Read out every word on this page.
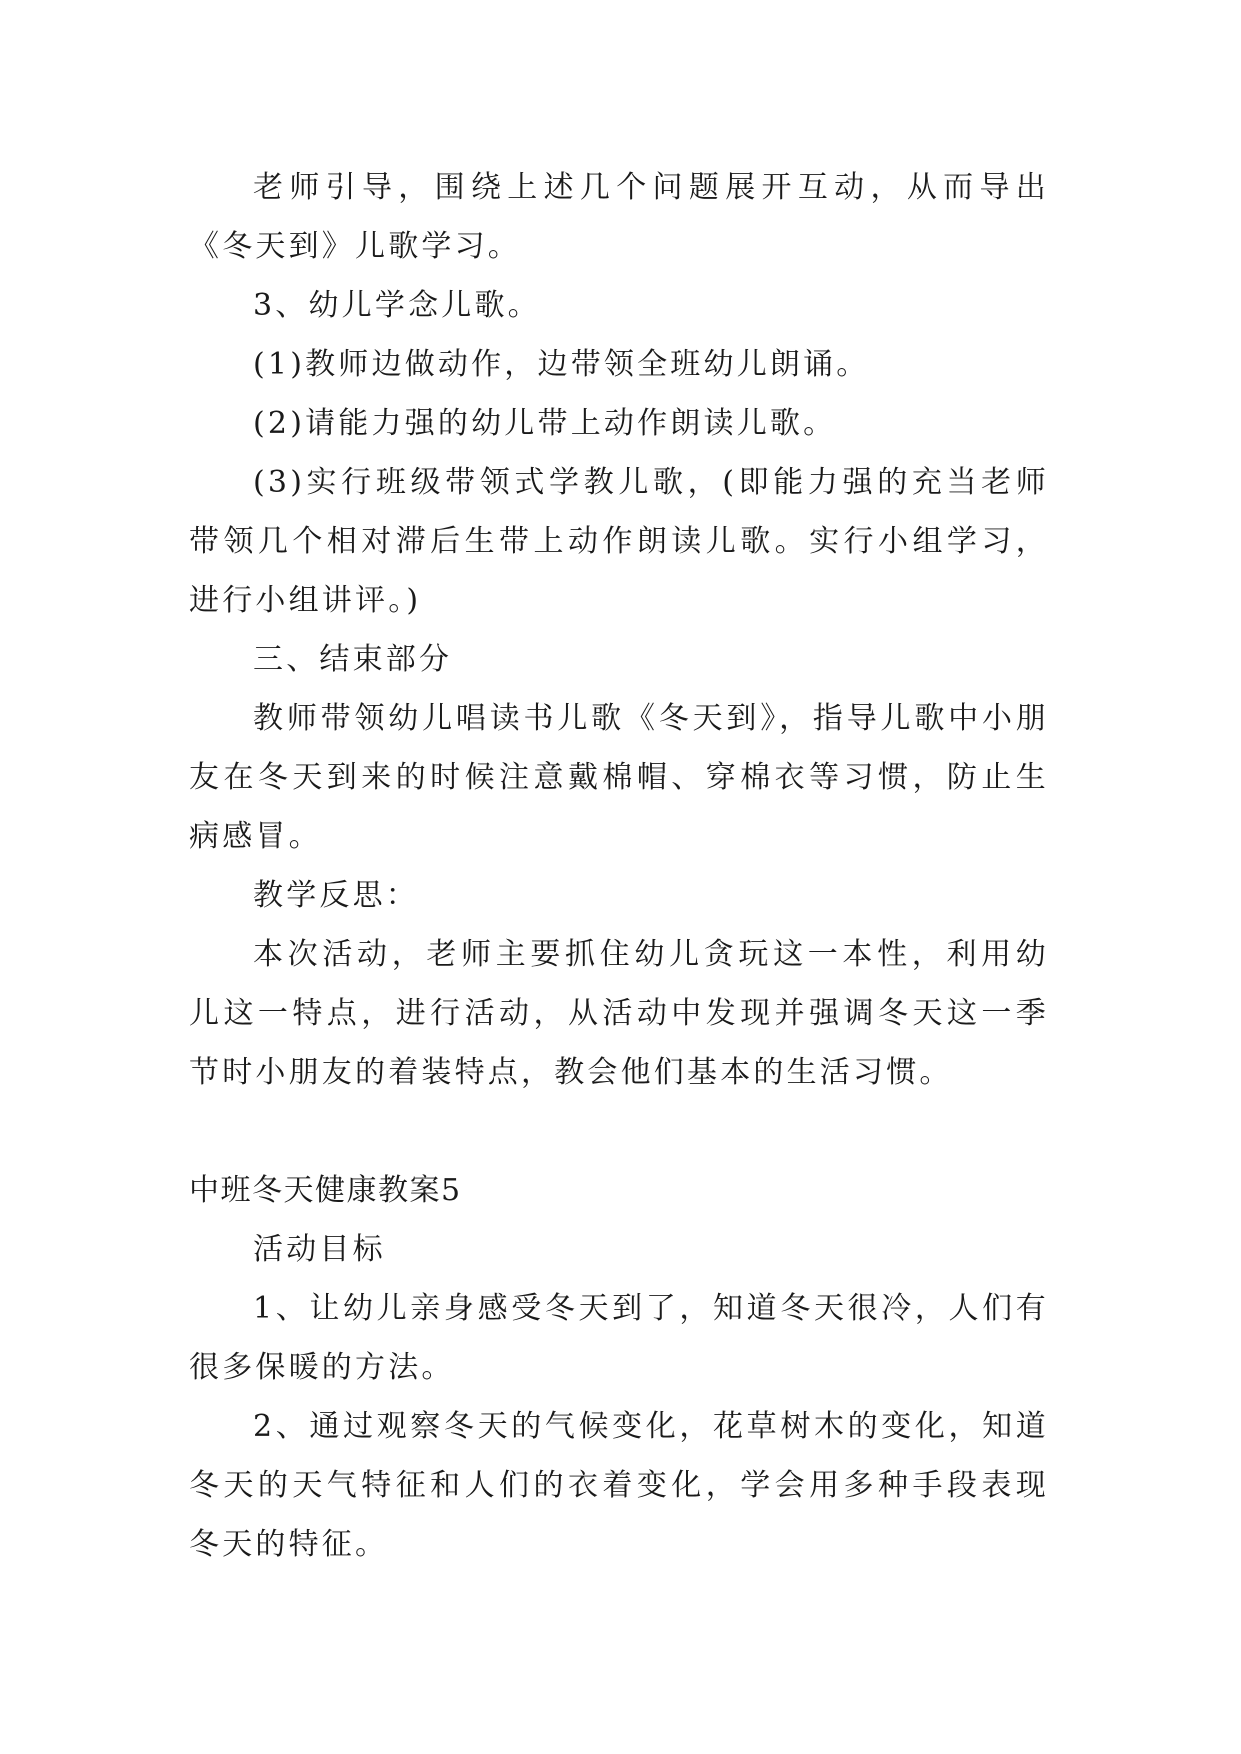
老师引导，围绕上述几个问题展开互动，从而导出《冬天到》儿歌学习。

3、幼儿学念儿歌。

(1)教师边做动作，边带领全班幼儿朗诵。

(2)请能力强的幼儿带上动作朗读儿歌。

(3)实行班级带领式学教儿歌，(即能力强的充当老师带领几个相对滞后生带上动作朗读儿歌。实行小组学习，进行小组讲评。)

三、结束部分

教师带领幼儿唱读书儿歌《冬天到》，指导儿歌中小朋友在冬天到来的时候注意戴棉帽、穿棉衣等习惯，防止生病感冒。

教学反思：

本次活动，老师主要抓住幼儿贪玩这一本性，利用幼儿这一特点，进行活动，从活动中发现并强调冬天这一季节时小朋友的着装特点，教会他们基本的生活习惯。

中班冬天健康教案5

活动目标

1、让幼儿亲身感受冬天到了，知道冬天很冷，人们有很多保暖的方法。

2、通过观察冬天的气候变化，花草树木的变化，知道冬天的天气特征和人们的衣着变化，学会用多种手段表现冬天的特征。
